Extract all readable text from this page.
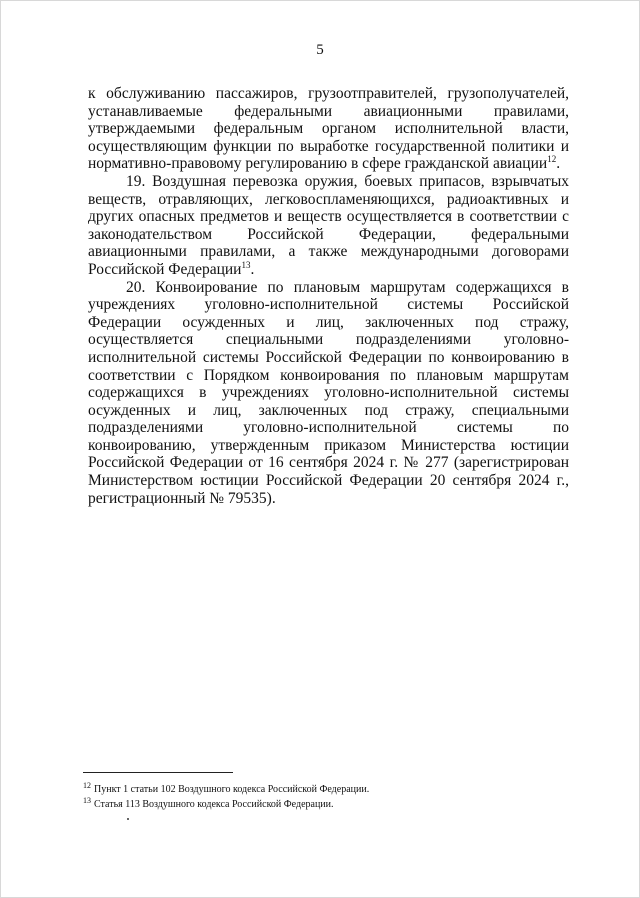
5

к обслуживанию пассажиров, грузоотправителей, грузополучателей, устанавливаемые федеральными авиационными правилами, утверждаемыми федеральным органом исполнительной власти, осуществляющим функции по выработке государственной политики и нормативно-правовому регулированию в сфере гражданской авиации$^{12}$.

19. Воздушная перевозка оружия, боевых припасов, взрывчатых веществ, отравляющих, легковоспламеняющихся, радиоактивных и других опасных предметов и веществ осуществляется в соответствии с законодательством Российской Федерации, федеральными авиационными правилами, а также международными договорами Российской Федерации$^{13}$.

20. Конвоирование по плановым маршрутам содержащихся в учреждениях уголовно-исполнительной системы Российской Федерации осужденных и лиц, заключенных под стражу, осуществляется специальными подразделениями уголовно-исполнительной системы Российской Федерации по конвоированию в соответствии с Порядком конвоирования по плановым маршрутам содержащихся в учреждениях уголовно-исполнительной системы осужденных и лиц, заключенных под стражу, специальными подразделениями уголовно-исполнительной системы по конвоированию, утвержденным приказом Министерства юстиции Российской Федерации от 16 сентября 2024 г. № 277 (зарегистрирован Министерством юстиции Российской Федерации 20 сентября 2024 г., регистрационный № 79535).

$^{12}$ Пункт 1 статьи 102 Воздушного кодекса Российской Федерации.
$^{13}$ Статья 113 Воздушного кодекса Российской Федерации.
